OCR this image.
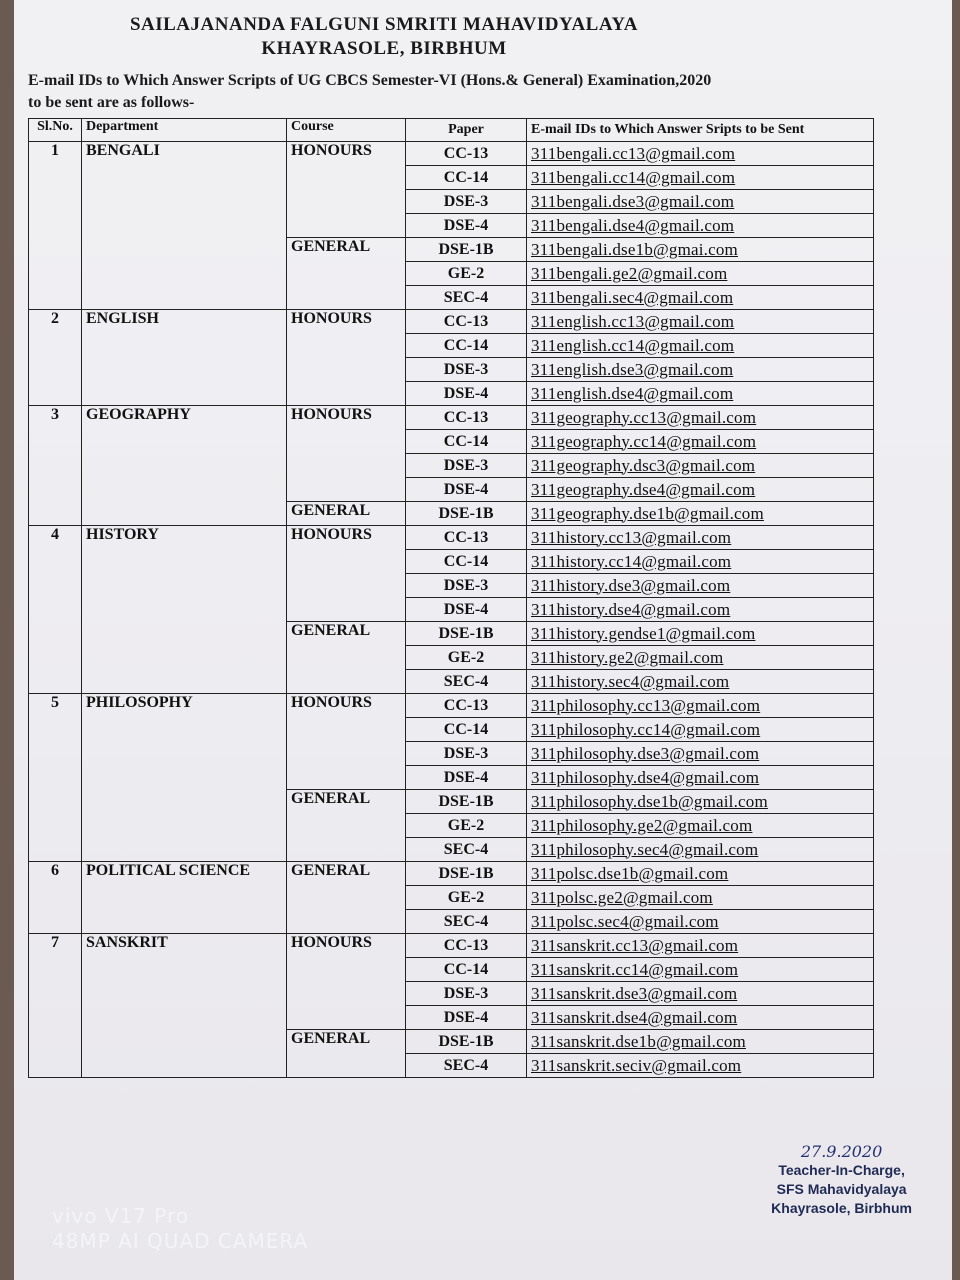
SAILAJANANDA FALGUNI SMRITI MAHAVIDYALAYA
KHAYRASOLE, BIRBHUM
E-mail IDs to Which Answer Scripts of UG CBCS Semester-VI (Hons.& General) Examination,2020 to be sent are as follows-
Sl.No.	Department	Course	Paper	E-mail IDs to Which Answer Sripts to be Sent
1	BENGALI	HONOURS	CC-13	311bengali.cc13@gmail.com
			CC-14	311bengali.cc14@gmail.com
			DSE-3	311bengali.dse3@gmail.com
			DSE-4	311bengali.dse4@gmail.com
		GENERAL	DSE-1B	311bengali.dse1b@gmai.com
			GE-2	311bengali.ge2@gmail.com
			SEC-4	311bengali.sec4@gmail.com
2	ENGLISH	HONOURS	CC-13	311english.cc13@gmail.com
			CC-14	311english.cc14@gmail.com
			DSE-3	311english.dse3@gmail.com
			DSE-4	311english.dse4@gmail.com
3	GEOGRAPHY	HONOURS	CC-13	311geography.cc13@gmail.com
			CC-14	311geography.cc14@gmail.com
			DSE-3	311geography.dsc3@gmail.com
			DSE-4	311geography.dse4@gmail.com
		GENERAL	DSE-1B	311geography.dse1b@gmail.com
4	HISTORY	HONOURS	CC-13	311history.cc13@gmail.com
			CC-14	311history.cc14@gmail.com
			DSE-3	311history.dse3@gmail.com
			DSE-4	311history.dse4@gmail.com
		GENERAL	DSE-1B	311history.gendse1@gmail.com
			GE-2	311history.ge2@gmail.com
			SEC-4	311history.sec4@gmail.com
5	PHILOSOPHY	HONOURS	CC-13	311philosophy.cc13@gmail.com
			CC-14	311philosophy.cc14@gmail.com
			DSE-3	311philosophy.dse3@gmail.com
			DSE-4	311philosophy.dse4@gmail.com
		GENERAL	DSE-1B	311philosophy.dse1b@gmail.com
			GE-2	311philosophy.ge2@gmail.com
			SEC-4	311philosophy.sec4@gmail.com
6	POLITICAL SCIENCE	GENERAL	DSE-1B	311polsc.dse1b@gmail.com
			GE-2	311polsc.ge2@gmail.com
			SEC-4	311polsc.sec4@gmail.com
7	SANSKRIT	HONOURS	CC-13	311sanskrit.cc13@gmail.com
			CC-14	311sanskrit.cc14@gmail.com
			DSE-3	311sanskrit.dse3@gmail.com
			DSE-4	311sanskrit.dse4@gmail.com
		GENERAL	DSE-1B	311sanskrit.dse1b@gmail.com
			SEC-4	311sanskrit.seciv@gmail.com
27.9.2020
Teacher-In-Charge,
SFS Mahavidyalaya
Khayrasole, Birbhum
vivo V17 Pro
48MP AI QUAD CAMERA
